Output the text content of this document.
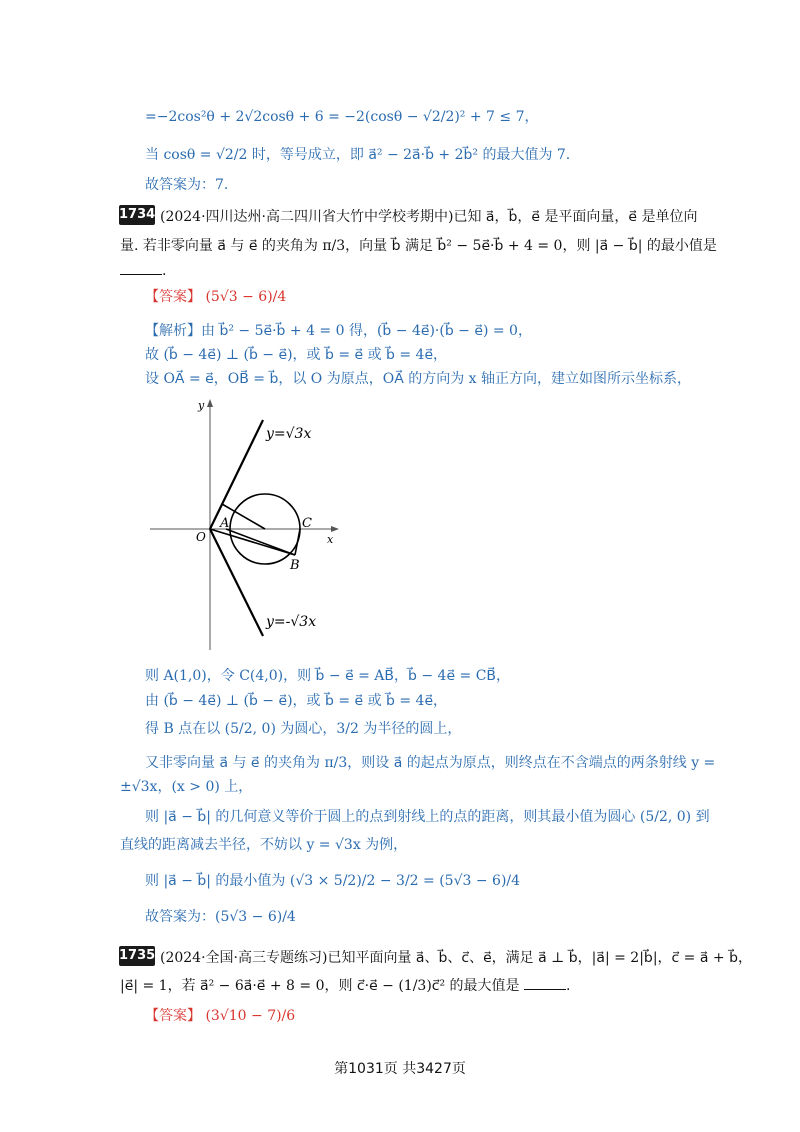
=−2cos²θ + 2√2cosθ + 6 = −2(cosθ − √2/2)² + 7 ≤ 7，
当 cosθ = √2/2 时，等号成立，即 a⃗² − 2a⃗·b⃗ + 2b⃗² 的最大值为 7.
故答案为：7.
1734 (2024·四川达州·高二四川省大竹中学校考期中)已知 a⃗，b⃗，e⃗ 是平面向量，e⃗ 是单位向
量. 若非零向量 a⃗ 与 e⃗ 的夹角为 π/3，向量 b⃗ 满足 b⃗² − 5e⃗·b⃗ + 4 = 0，则 |a⃗ − b⃗| 的最小值是
.
【答案】 (5√3 − 6)/4
【解析】由 b⃗² − 5e⃗·b⃗ + 4 = 0 得，(b⃗ − 4e⃗)·(b⃗ − e⃗) = 0，
故 (b⃗ − 4e⃗) ⊥ (b⃗ − e⃗)，或 b⃗ = e⃗ 或 b⃗ = 4e⃗，
设 OA⃗ = e⃗，OB⃗ = b⃗，以 O 为原点，OA⃗ 的方向为 x 轴正方向，建立如图所示坐标系，
y
x
O
A	C
B
y=√3x
y=-√3x
则 A(1,0)，令 C(4,0)，则 b⃗ − e⃗ = AB⃗，b⃗ − 4e⃗ = CB⃗，
由 (b⃗ − 4e⃗) ⊥ (b⃗ − e⃗)，或 b⃗ = e⃗ 或 b⃗ = 4e⃗，
得 B 点在以 (5/2, 0) 为圆心，3/2 为半径的圆上，
又非零向量 a⃗ 与 e⃗ 的夹角为 π/3，则设 a⃗ 的起点为原点，则终点在不含端点的两条射线 y =
±√3x，(x > 0) 上，
则 |a⃗ − b⃗| 的几何意义等价于圆上的点到射线上的点的距离，则其最小值为圆心 (5/2, 0) 到
直线的距离减去半径，不妨以 y = √3x 为例，
则 |a⃗ − b⃗| 的最小值为 (√3 × 5/2)/2 − 3/2 = (5√3 − 6)/4
故答案为：(5√3 − 6)/4
1735 (2024·全国·高三专题练习)已知平面向量 a⃗、b⃗、c⃗、e⃗，满足 a⃗ ⊥ b⃗，|a⃗| = 2|b⃗|，c⃗ = a⃗ + b⃗，
|e⃗| = 1，若 a⃗² − 6a⃗·e⃗ + 8 = 0，则 c⃗·e⃗ − (1/3)c⃗² 的最大值是	.
【答案】 (3√10 − 7)/6
第1031页 共3427页
